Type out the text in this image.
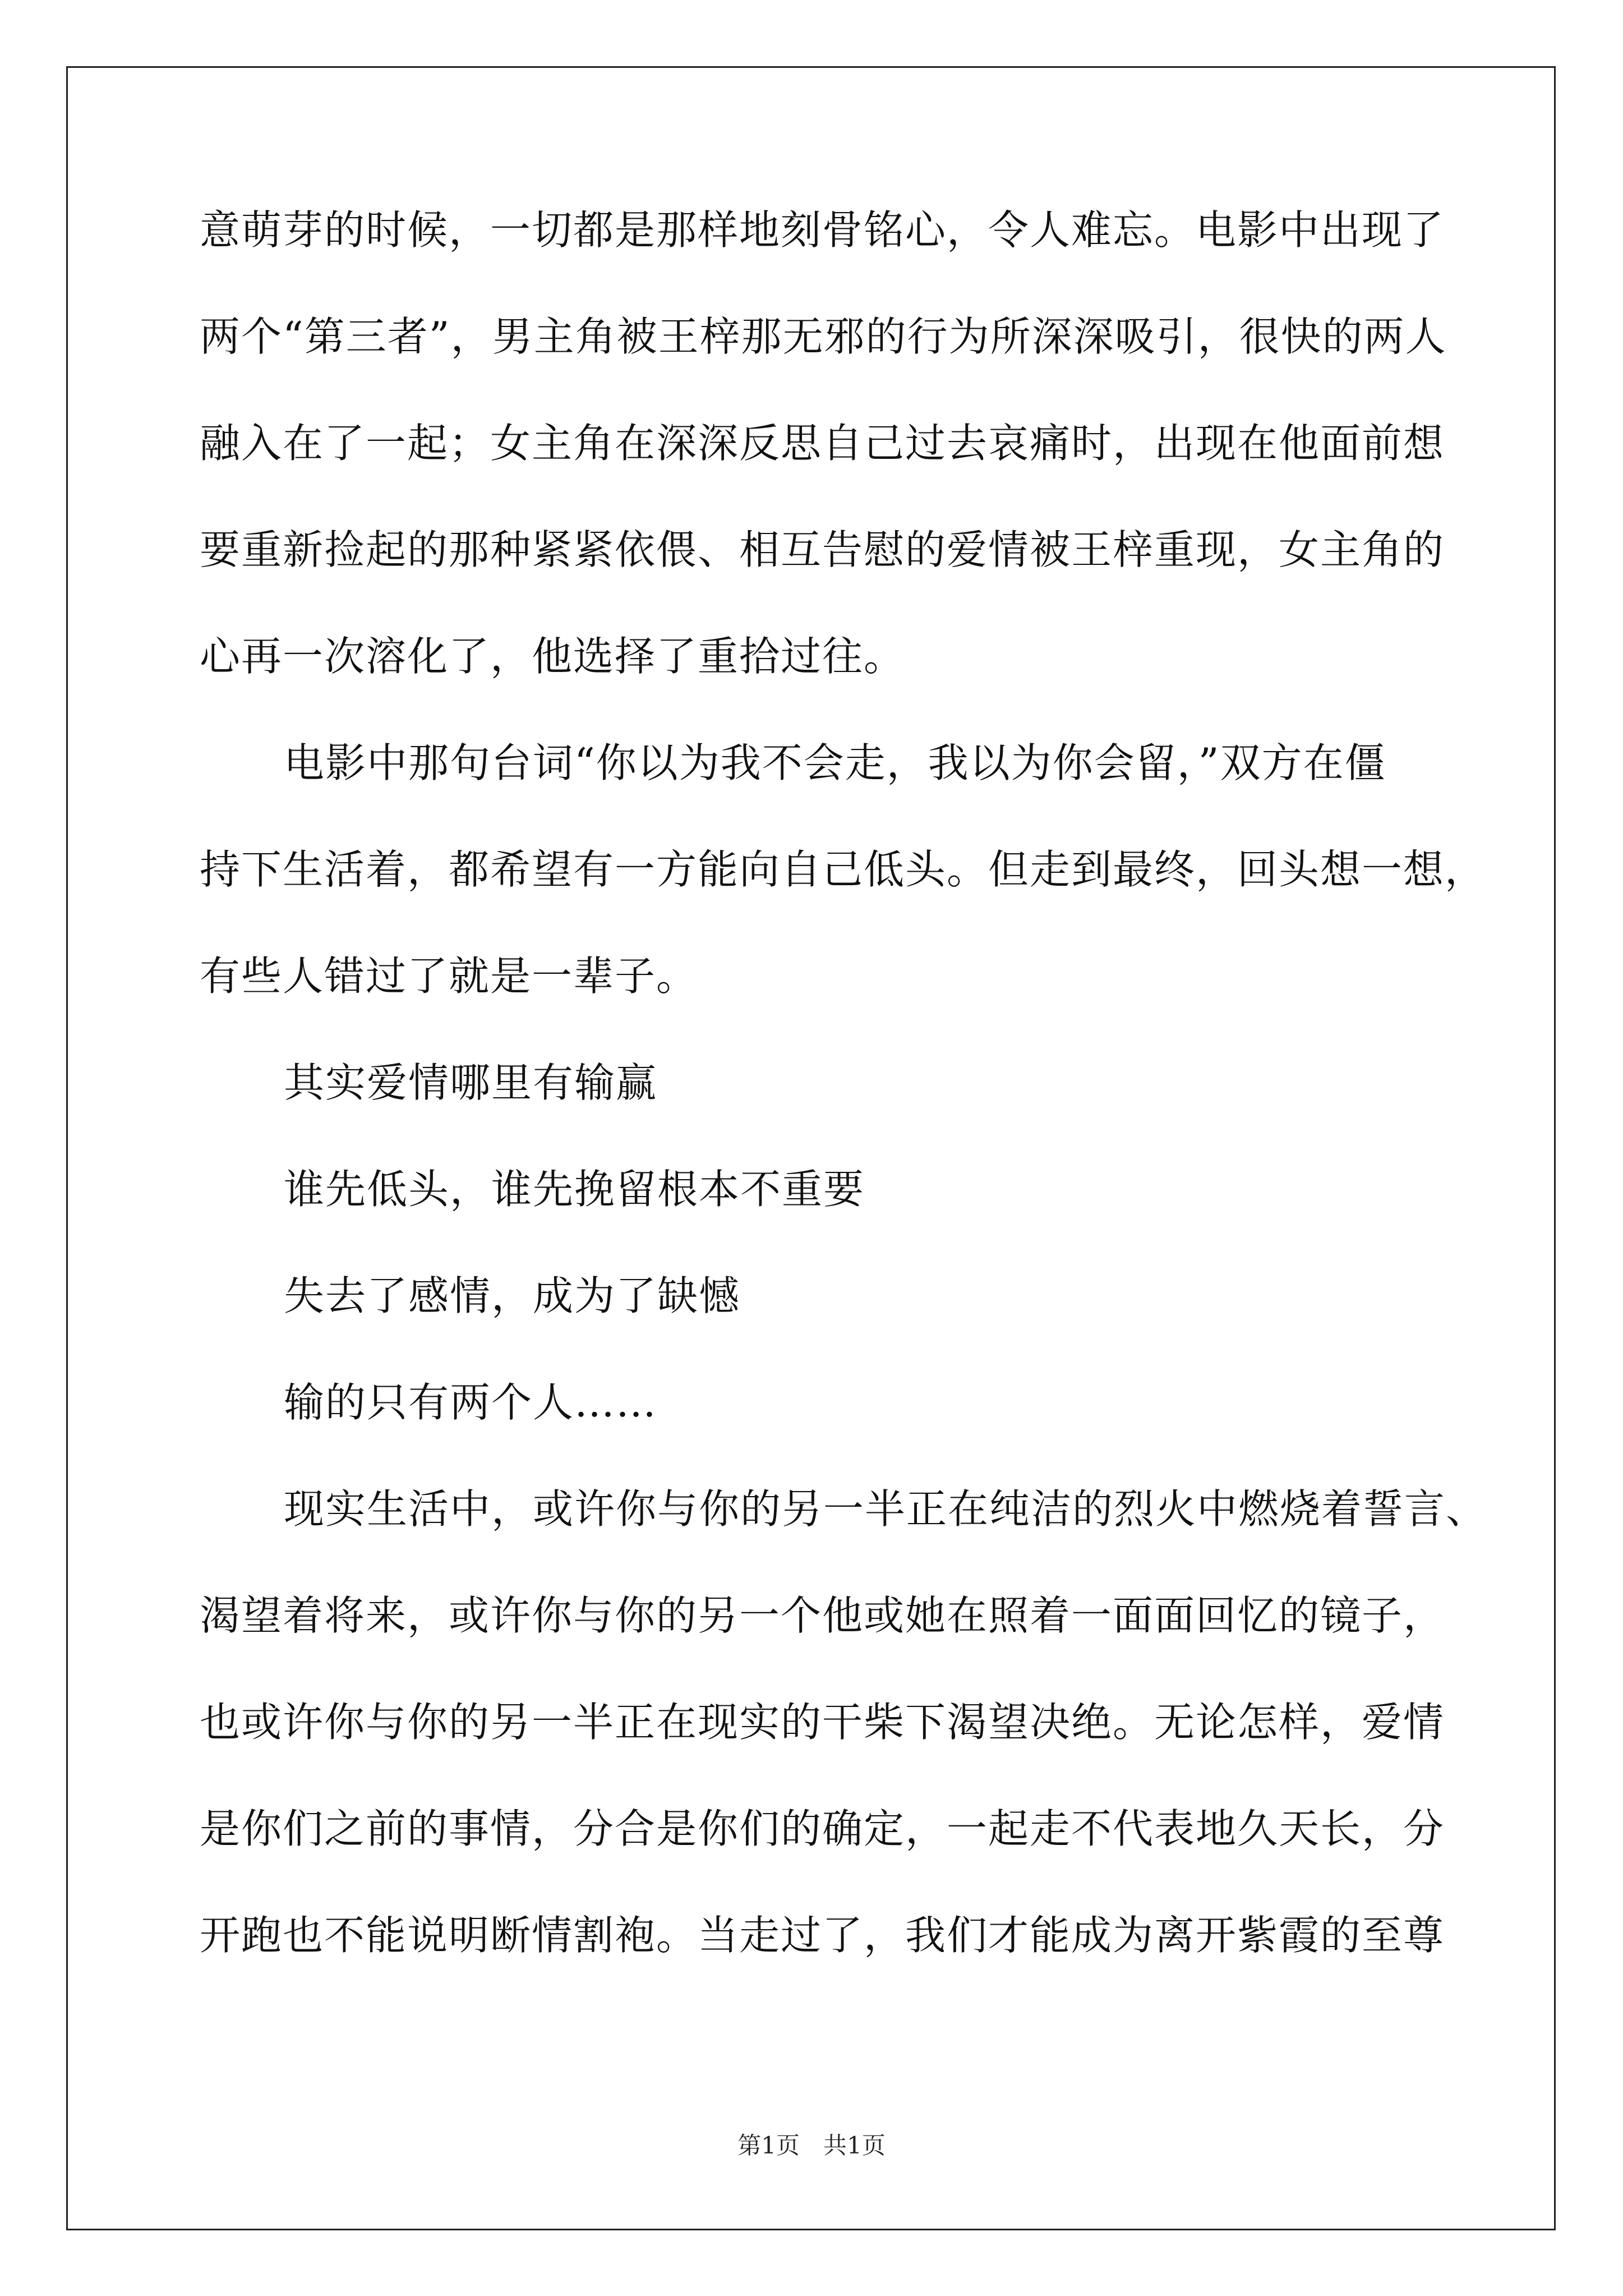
意萌芽的时候，一切都是那样地刻骨铭心，令人难忘。电影中出现了
两个“第三者”，男主角被王梓那无邪的行为所深深吸引，很快的两人
融入在了一起；女主角在深深反思自己过去哀痛时，出现在他面前想
要重新捡起的那种紧紧依偎、相互告慰的爱情被王梓重现，女主角的
心再一次溶化了，他选择了重拾过往。
电影中那句台词“你以为我不会走，我以为你会留，”双方在僵
持下生活着，都希望有一方能向自己低头。但走到最终，回头想一想，
有些人错过了就是一辈子。
其实爱情哪里有输赢
谁先低头，谁先挽留根本不重要
失去了感情，成为了缺憾
输的只有两个人……
现实生活中，或许你与你的另一半正在纯洁的烈火中燃烧着誓言、
渴望着将来，或许你与你的另一个他或她在照着一面面回忆的镜子，
也或许你与你的另一半正在现实的干柴下渴望决绝。无论怎样，爱情
是你们之前的事情，分合是你们的确定，一起走不代表地久天长，分
开跑也不能说明断情割袍。当走过了，我们才能成为离开紫霞的至尊
第1页　共1页
